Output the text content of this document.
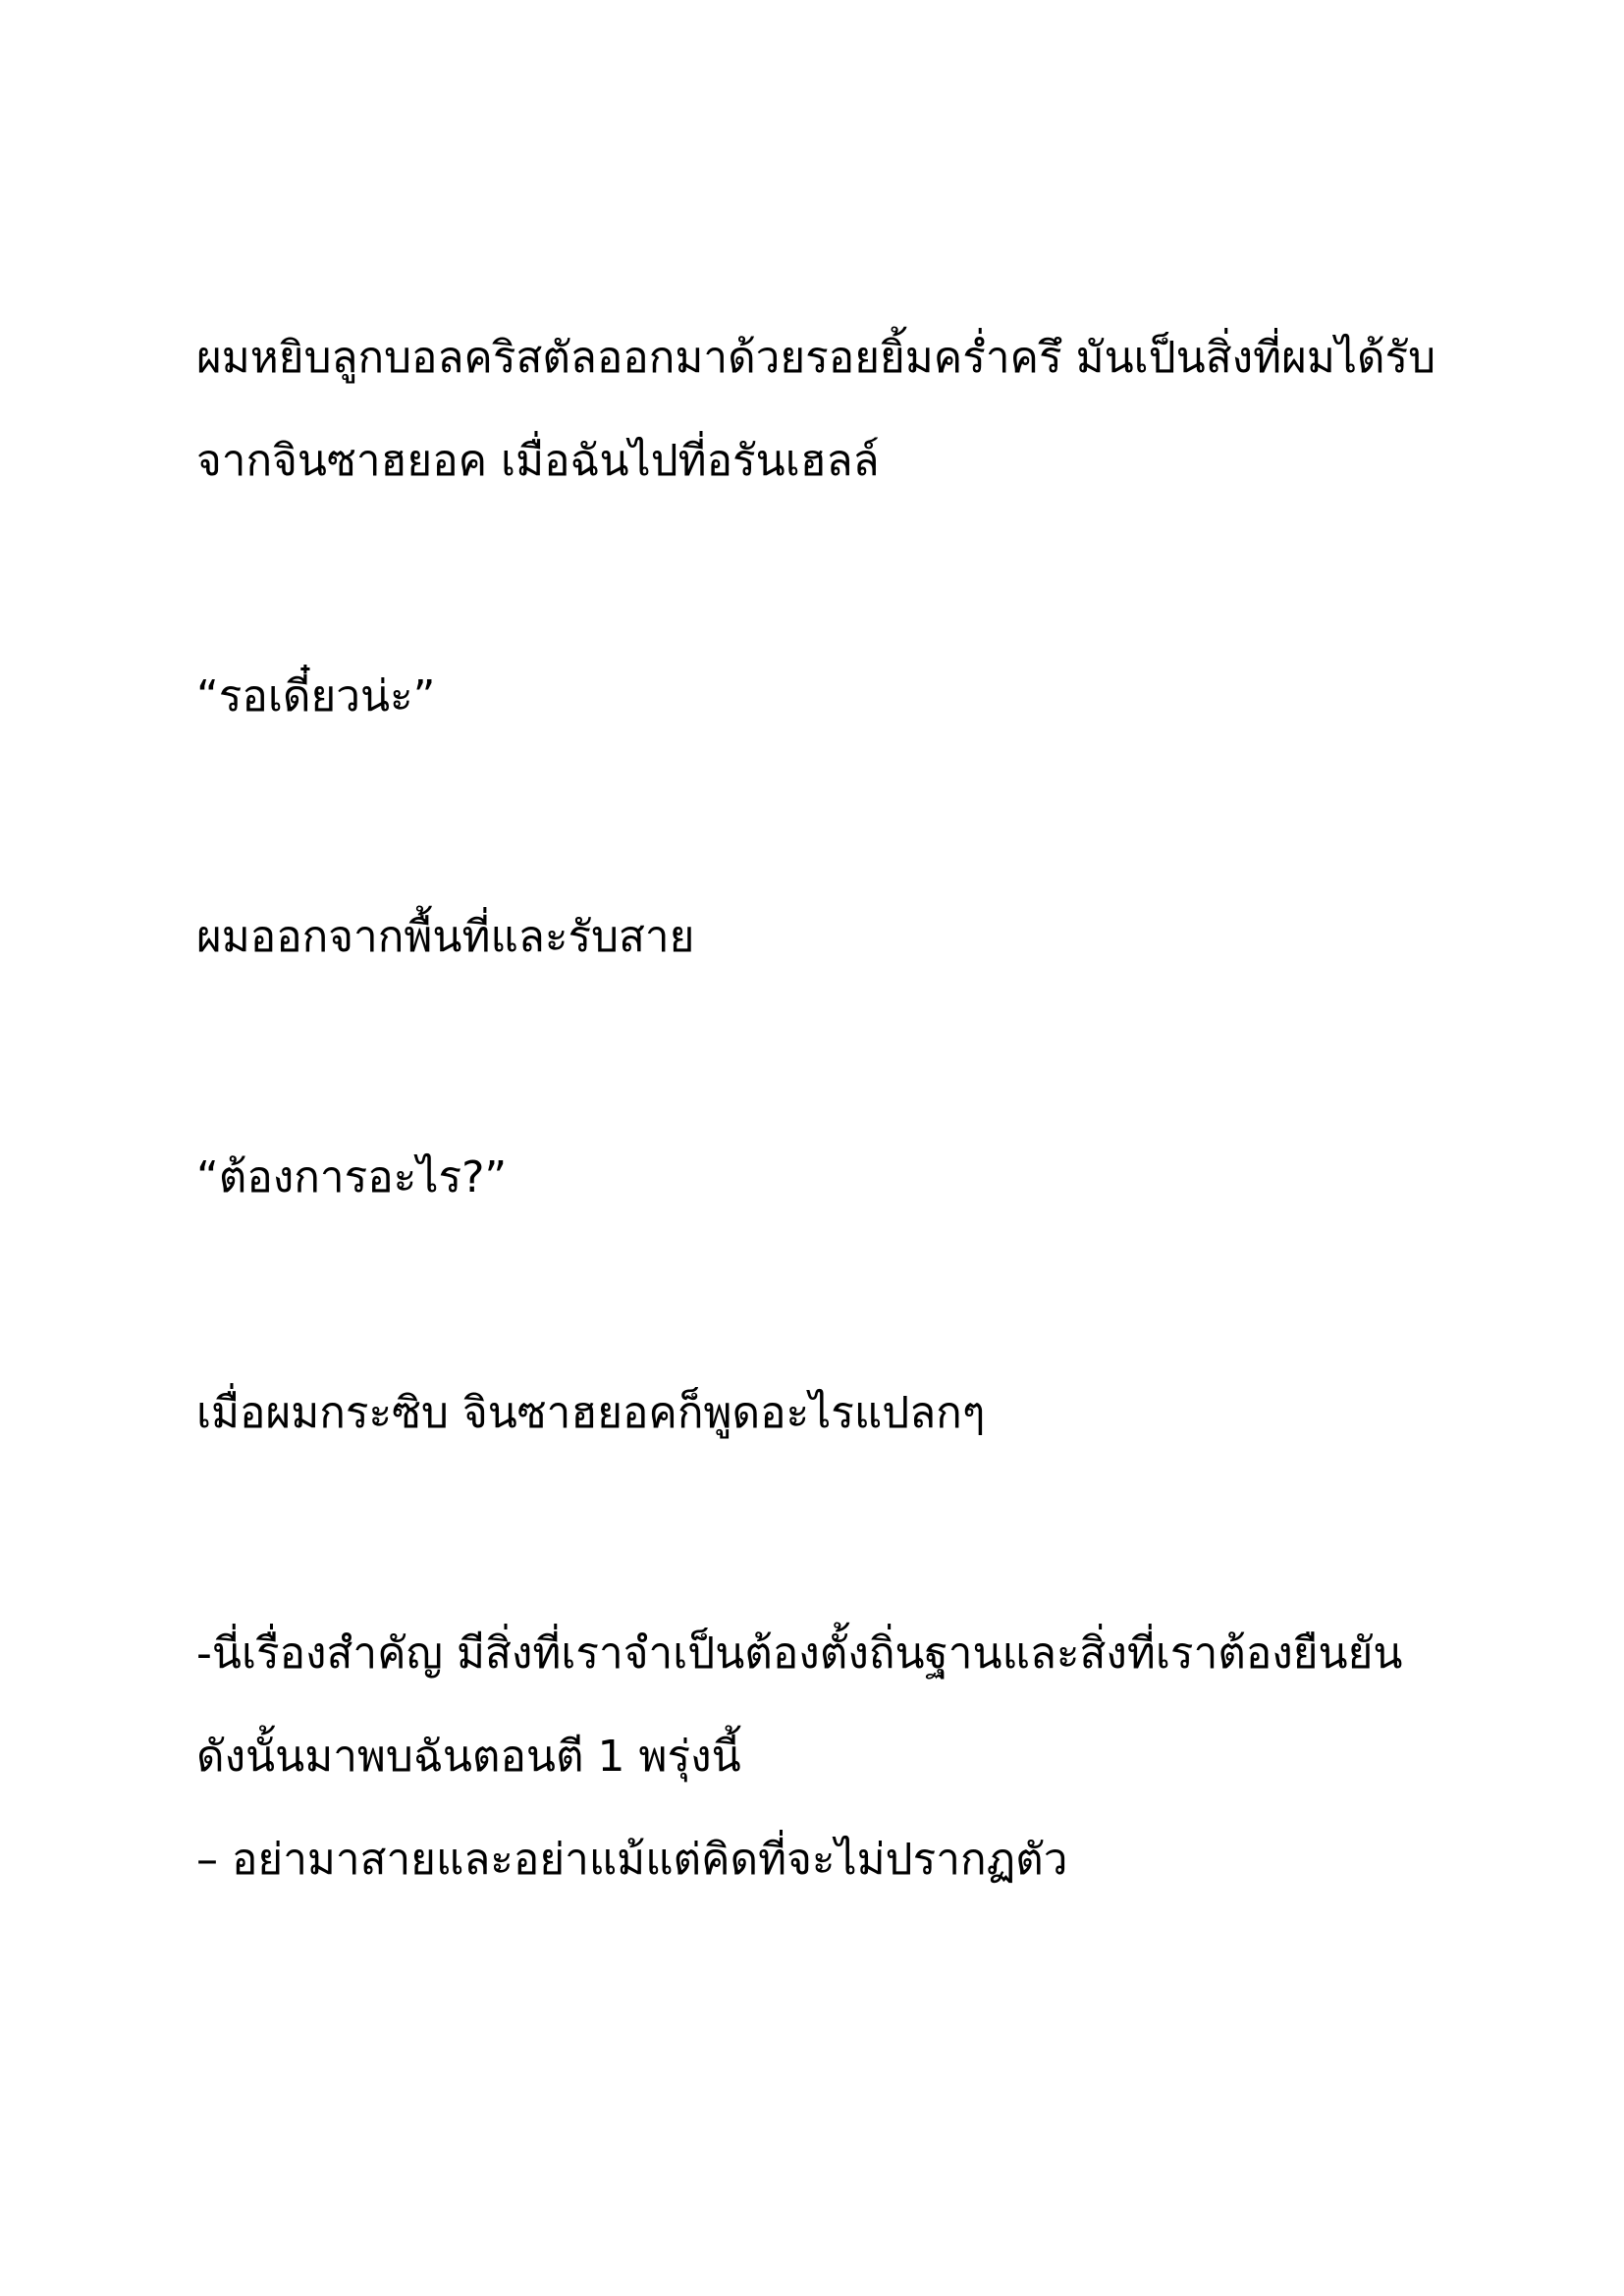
ผมหยิบลูกบอลคริสตัลออกมาด้วยรอยยิ้มคร่ำครึ มันเป็นสิ่งที่ผมได้รับ

จากจินซาฮยอค เมื่อฉันไปที่อรันเฮลล์

“รอเดี๋ยวน่ะ”

ผมออกจากพื้นที่และรับสาย

“ต้องการอะไร?”

เมื่อผมกระซิบ จินซาฮยอคก็พูดอะไรแปลกๆ

-นี่เรื่องสำคัญ มีสิ่งที่เราจำเป็นต้องตั้งถิ่นฐานและสิ่งที่เราต้องยืนยัน

ดังนั้นมาพบฉันตอนตี 1 พรุ่งนี้

– อย่ามาสายและอย่าแม้แต่คิดที่จะไม่ปรากฏตัว
